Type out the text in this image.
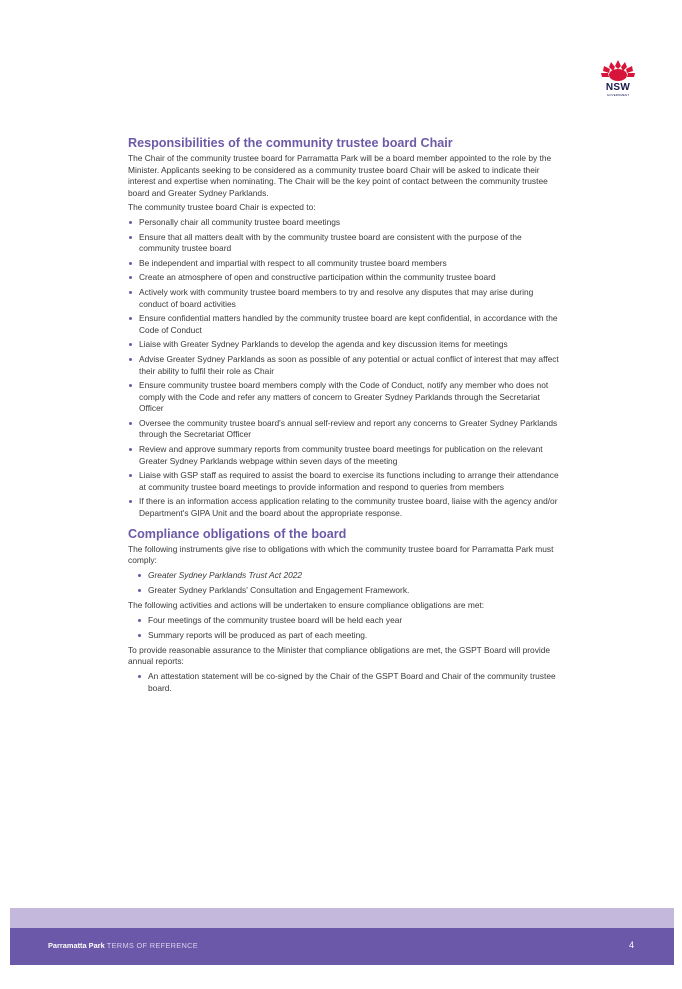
NSW
GOVERNMENT
Responsibilities of the community trustee board Chair

The Chair of the community trustee board for Parramatta Park will be a board member appointed to the role by the Minister. Applicants seeking to be considered as a community trustee board Chair will be asked to indicate their interest and expertise when nominating. The Chair will be the key point of contact between the community trustee board and Greater Sydney Parklands.

The community trustee board Chair is expected to:

Personally chair all community trustee board meetings
Ensure that all matters dealt with by the community trustee board are consistent with the purpose of the community trustee board
Be independent and impartial with respect to all community trustee board members
Create an atmosphere of open and constructive participation within the community trustee board
Actively work with community trustee board members to try and resolve any disputes that may arise during conduct of board activities
Ensure confidential matters handled by the community trustee board are kept confidential, in accordance with the Code of Conduct
Liaise with Greater Sydney Parklands to develop the agenda and key discussion items for meetings
Advise Greater Sydney Parklands as soon as possible of any potential or actual conflict of interest that may affect their ability to fulfil their role as Chair
Ensure community trustee board members comply with the Code of Conduct, notify any member who does not comply with the Code and refer any matters of concern to Greater Sydney Parklands through the Secretariat Officer
Oversee the community trustee board's annual self-review and report any concerns to Greater Sydney Parklands through the Secretariat Officer
Review and approve summary reports from community trustee board meetings for publication on the relevant Greater Sydney Parklands webpage within seven days of the meeting
Liaise with GSP staff as required to assist the board to exercise its functions including to arrange their attendance at community trustee board meetings to provide information and respond to queries from members
If there is an information access application relating to the community trustee board, liaise with the agency and/or Department's GIPA Unit and the board about the appropriate response.
Compliance obligations of the board

The following instruments give rise to obligations with which the community trustee board for Parramatta Park must comply:

Greater Sydney Parklands Trust Act 2022
Greater Sydney Parklands' Consultation and Engagement Framework.

The following activities and actions will be undertaken to ensure compliance obligations are met:

Four meetings of the community trustee board will be held each year
Summary reports will be produced as part of each meeting.

To provide reasonable assurance to the Minister that compliance obligations are met, the GSPT Board will provide annual reports:

An attestation statement will be co-signed by the Chair of the GSPT Board and Chair of the community trustee board.
Parramatta Park TERMS OF REFERENCE	4
